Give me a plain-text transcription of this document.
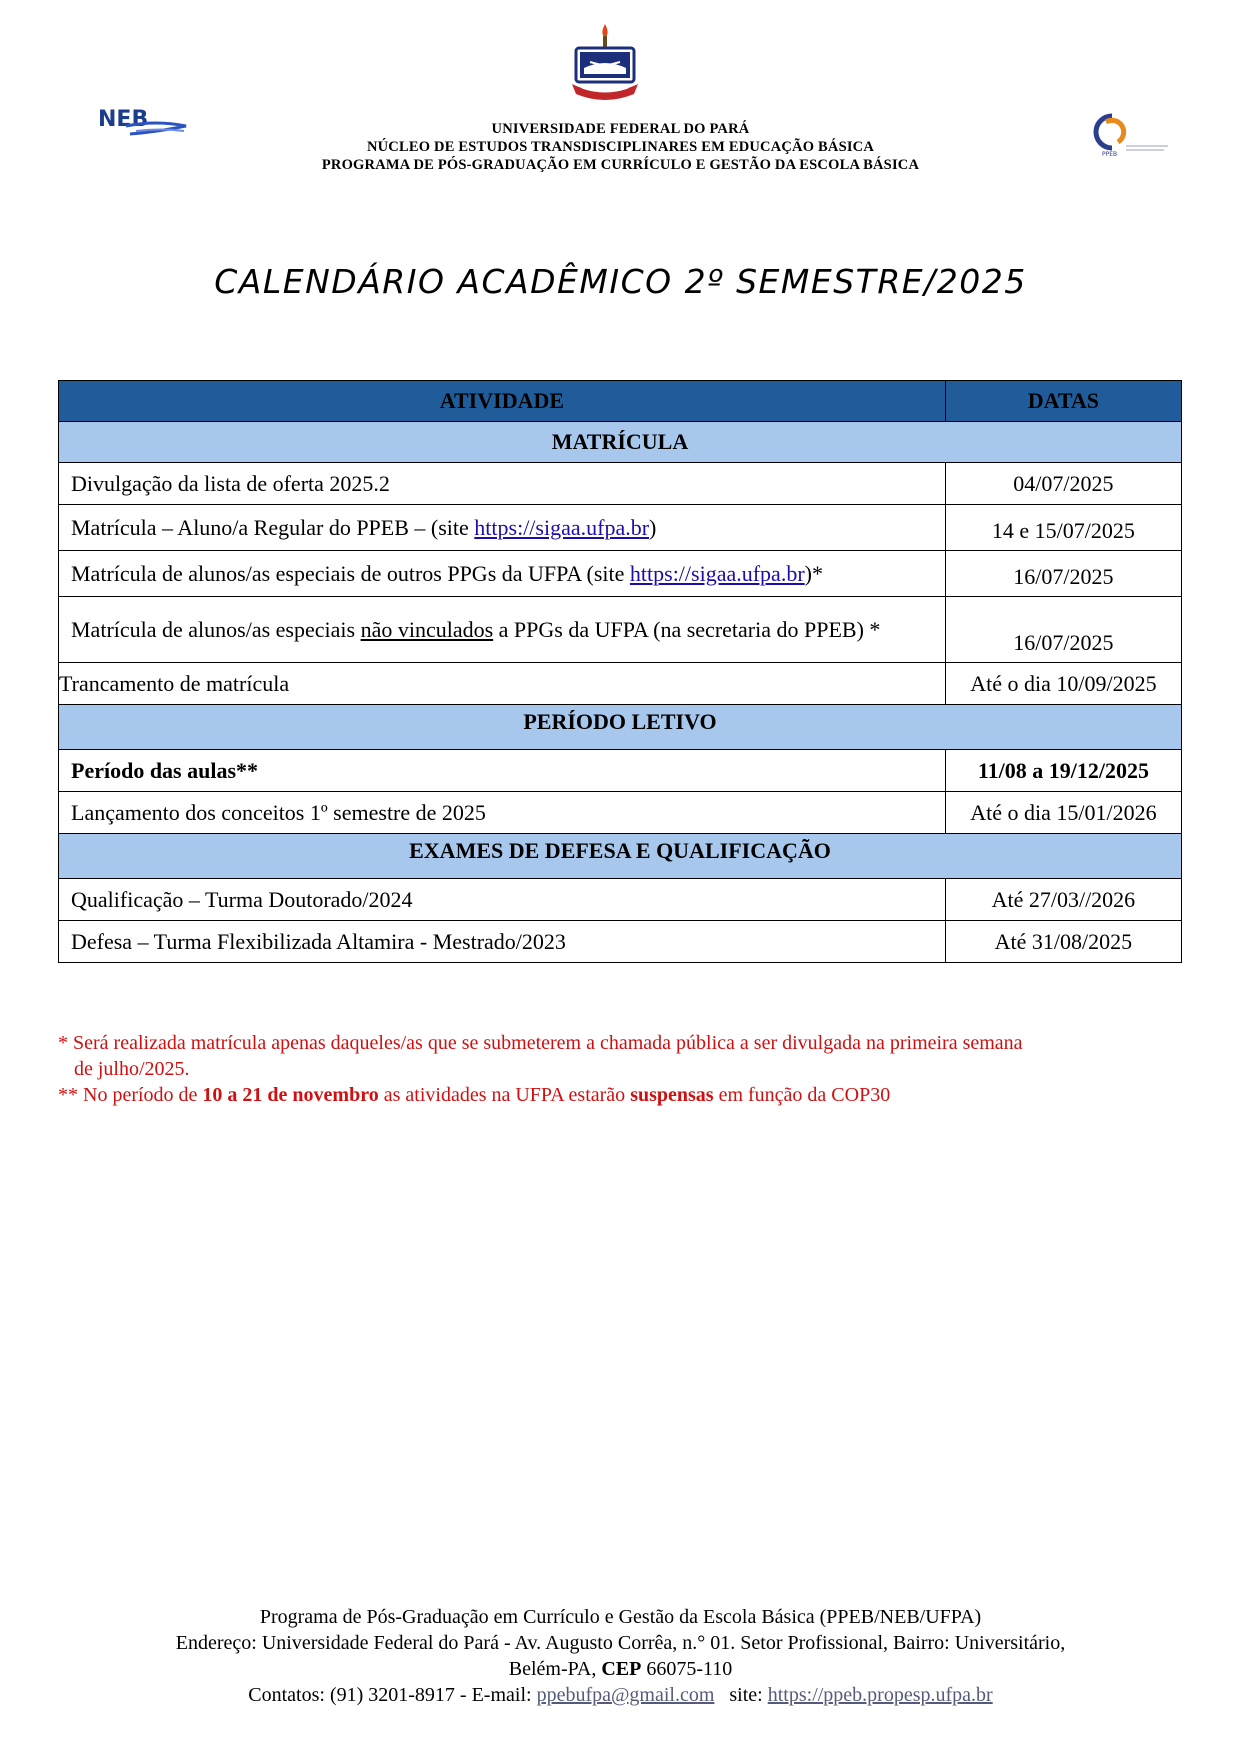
NEB
PPEB
UNIVERSIDADE FEDERAL DO PARÁ
NÚCLEO DE ESTUDOS TRANSDISCIPLINARES EM EDUCAÇÃO BÁSICA
PROGRAMA DE PÓS-GRADUAÇÃO EM CURRÍCULO E GESTÃO DA ESCOLA BÁSICA
CALENDÁRIO ACADÊMICO 2º SEMESTRE/2025
ATIVIDADE	DATAS
MATRÍCULA	
Divulgação da lista de oferta 2025.2	04/07/2025
Matrícula – Aluno/a Regular do PPEB – (site https://sigaa.ufpa.br)	14 e 15/07/2025
Matrícula de alunos/as especiais de outros PPGs da UFPA (site https://sigaa.ufpa.br)*	16/07/2025
Matrícula de alunos/as especiais não vinculados a PPGs da UFPA (na secretaria do PPEB) *	16/07/2025
Trancamento de matrícula	Até o dia 10/09/2025
PERÍODO LETIVO	
Período das aulas**	11/08 a 19/12/2025
Lançamento dos conceitos 1º semestre de 2025	Até o dia 15/01/2026
EXAMES DE DEFESA E QUALIFICAÇÃO	
Qualificação – Turma Doutorado/2024	Até 27/03//2026
Defesa – Turma Flexibilizada Altamira - Mestrado/2023	Até 31/08/2025
* Será realizada matrícula apenas daqueles/as que se submeterem a chamada pública a ser divulgada na primeira semana
de julho/2025.
** No período de 10 a 21 de novembro as atividades na UFPA estarão suspensas em função da COP30
Programa de Pós-Graduação em Currículo e Gestão da Escola Básica (PPEB/NEB/UFPA)
Endereço: Universidade Federal do Pará - Av. Augusto Corrêa, n.° 01. Setor Profissional, Bairro: Universitário,
Belém-PA, CEP 66075-110
Contatos: (91) 3201-8917 - E-mail: ppebufpa@gmail.com   site: https://ppeb.propesp.ufpa.br
